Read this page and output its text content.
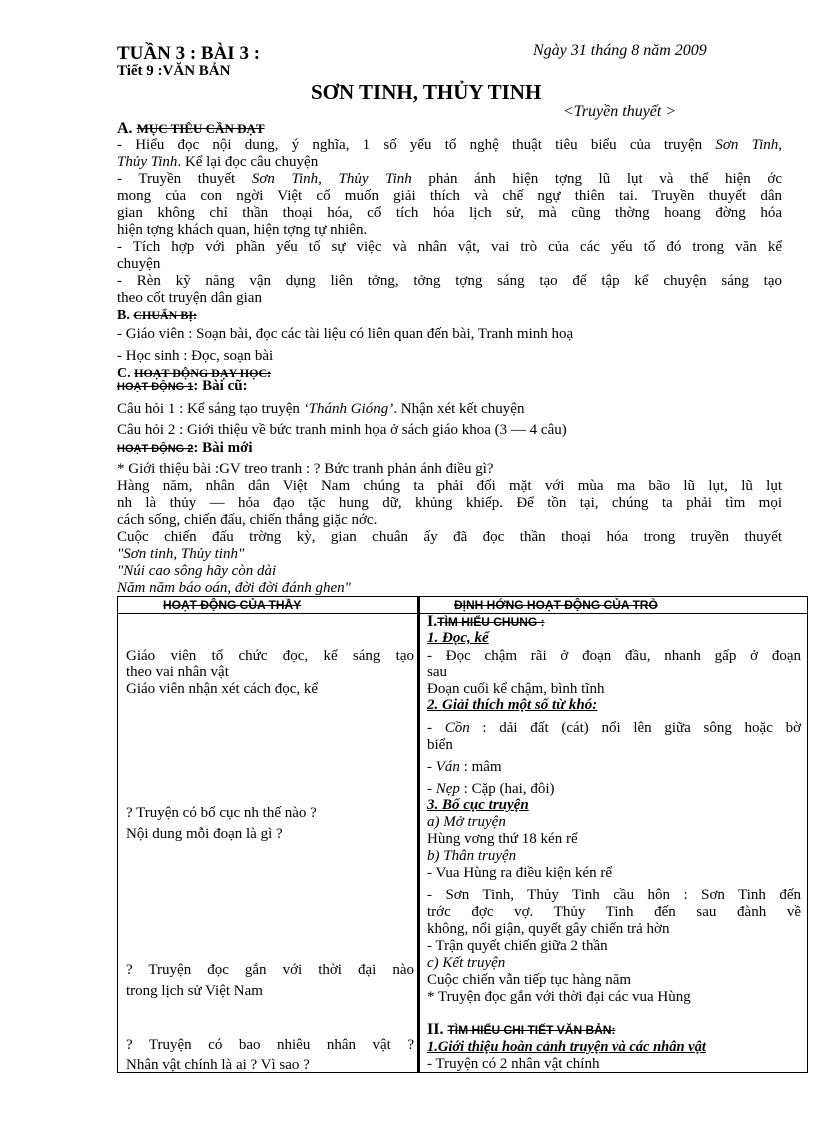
TUẦN 3 : BÀI 3 :
Tiết 9 :VĂN BẢN
Ngày 31 tháng 8 năm 2009
SƠN TINH, THỦY TINH
<Truyền thuyết >
A. MỤC TIÊU CẦN ĐẠT
- Hiểu đọc nội dung, ý nghĩa, 1 số yếu tố nghệ thuật tiêu biểu của truyện Sơn Tinh,
Thủy Tinh. Kể lại đọc câu chuyện
- Truyền thuyết Sơn Tinh, Thủy Tinh phản ánh hiện tợng lũ lụt và thể hiện ớc
mong của con ngời Việt cổ muốn giải thích và chế ngự thiên tai. Truyền thuyết dân
gian không chỉ thần thoại hóa, cổ tích hóa lịch sử, mà cũng thờng hoang đờng hóa
hiện tợng khách quan, hiện tợng tự nhiên.
- Tích hợp với phần yếu tố sự việc và nhân vật, vai trò của các yếu tố đó trong văn kể
chuyện
- Rèn kỹ năng vận dụng liên tởng, tởng tợng sáng tạo để tập kể chuyện sáng tạo
theo cốt truyện dân gian
B. CHUẨN BỊ:
- Giáo viên : Soạn bài, đọc các tài liệu có liên quan đến bài, Tranh minh hoạ
- Học sinh : Đọc, soạn bài
C. HOẠT ĐỘNG DẠY HỌC:
HOẠT ĐỘNG 1: Bài cũ:
Câu hỏi 1 : Kể sáng tạo truyện ‘Thánh Gióng’. Nhận xét kết chuyện
Câu hỏi 2 : Giới thiệu về bức tranh minh họa ở sách giáo khoa (3 — 4 câu)
HOẠT ĐỘNG 2: Bài mới
* Giới thiệu bài :GV treo tranh : ? Bức tranh phản ánh điều gì?
Hàng năm, nhân dân Việt Nam chúng ta phải đối mặt với mùa ma bão lũ lụt, lũ lụt
nh là thủy — hỏa đạo tặc hung dữ, khủng khiếp. Để tồn tại, chúng ta phải tìm mọi
cách sống, chiến đấu, chiến thắng giặc nớc.
Cuộc chiến đấu trờng kỳ, gian chuân ấy đã đọc thần thoại hóa trong truyền thuyết
"Sơn tinh, Thủy tinh"
"Núi cao sông hãy còn dài
Năm năm báo oán, đời đời đánh ghen"
HOẠT ĐỘNG CỦA THẦY	ĐỊNH HỚNG HOẠT ĐỘNG CỦA TRÒ
Giáo viên tổ chức đọc, kể sáng tạo
theo vai nhân vật
Giáo viên nhận xét cách đọc, kể
? Truyện có bố cục nh thế nào ?
Nội dung mỗi đoạn là gì ?
? Truyện đọc gắn với thời đại nào
trong lịch sử Việt Nam
? Truyện có bao nhiêu nhân vật ?
Nhân vật chính là ai ? Vì sao ?
I.TÌM HIỂU CHUNG :
1. Đọc, kể
- Đọc chậm rãi ở đoạn đầu, nhanh gấp ở đoạn
sau
Đoạn cuối kể chậm, bình tĩnh
2. Giải thích một số từ khó:
- Cồn : dải đất (cát) nổi lên giữa sông hoặc bờ
biển
- Ván : mâm
- Nẹp : Cặp (hai, đôi)
3. Bố cục truyện
a) Mở truyện
Hùng vơng thứ 18 kén rể
b) Thân truyện
- Vua Hùng ra điều kiện kén rể
- Sơn Tinh, Thủy Tinh cầu hôn : Sơn Tinh đến
trớc đợc vợ. Thủy Tinh đến sau đành về
không, nổi giận, quyết gây chiến trả hờn
- Trận quyết chiến giữa 2 thần
c) Kết truyện
Cuộc chiến vẫn tiếp tục hàng năm
* Truyện đọc gắn với thời đại các vua Hùng
II. TÌM HIỂU CHI TIẾT VĂN BẢN:
1.Giới thiệu hoàn cảnh truyện và các nhân vật
- Truyện có 2 nhân vật chính
